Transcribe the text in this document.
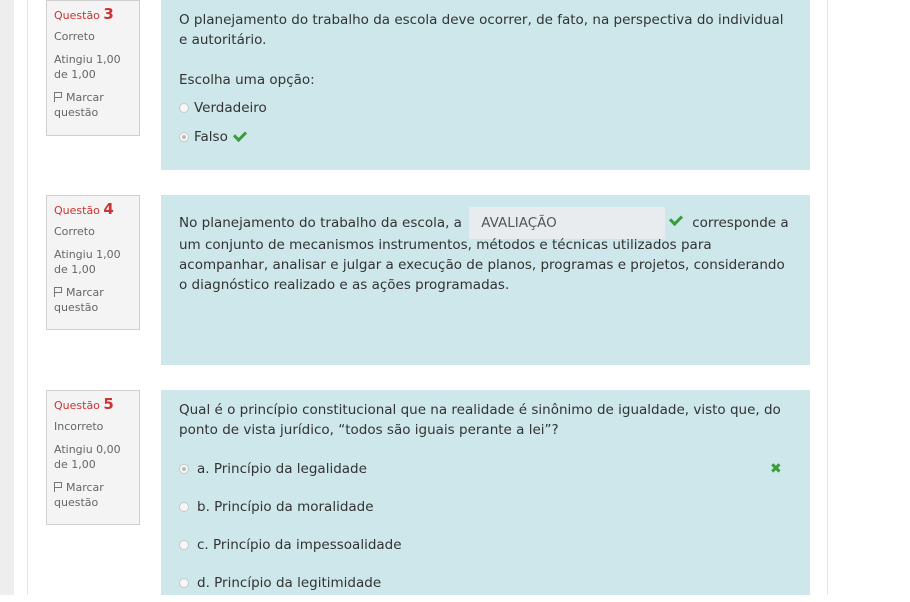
Questão 3
Correto
Atingiu 1,00 de 1,00
Marcar questão

O planejamento do trabalho da escola deve ocorrer, de fato, na perspectiva do individual e autoritário.

Escolha uma opção:
Verdadeiro
Falso
Questão 4
Correto
Atingiu 1,00 de 1,00
Marcar questão
No planejamento do trabalho da escola, a AVALIAÇÃO	corresponde a

um conjunto de mecanismos instrumentos, métodos e técnicas utilizados para acompanhar, analisar e julgar a execução de planos, programas e projetos, considerando o diagnóstico realizado e as ações programadas.

Questão 5
Incorreto
Atingiu 0,00 de 1,00
Marcar questão

Qual é o princípio constitucional que na realidade é sinônimo de igualdade, visto que, do ponto de vista jurídico, “todos são iguais perante a lei”?

a. Princípio da legalidade	✖
b. Princípio da moralidade
c. Princípio da impessoalidade
d. Princípio da legitimidade
